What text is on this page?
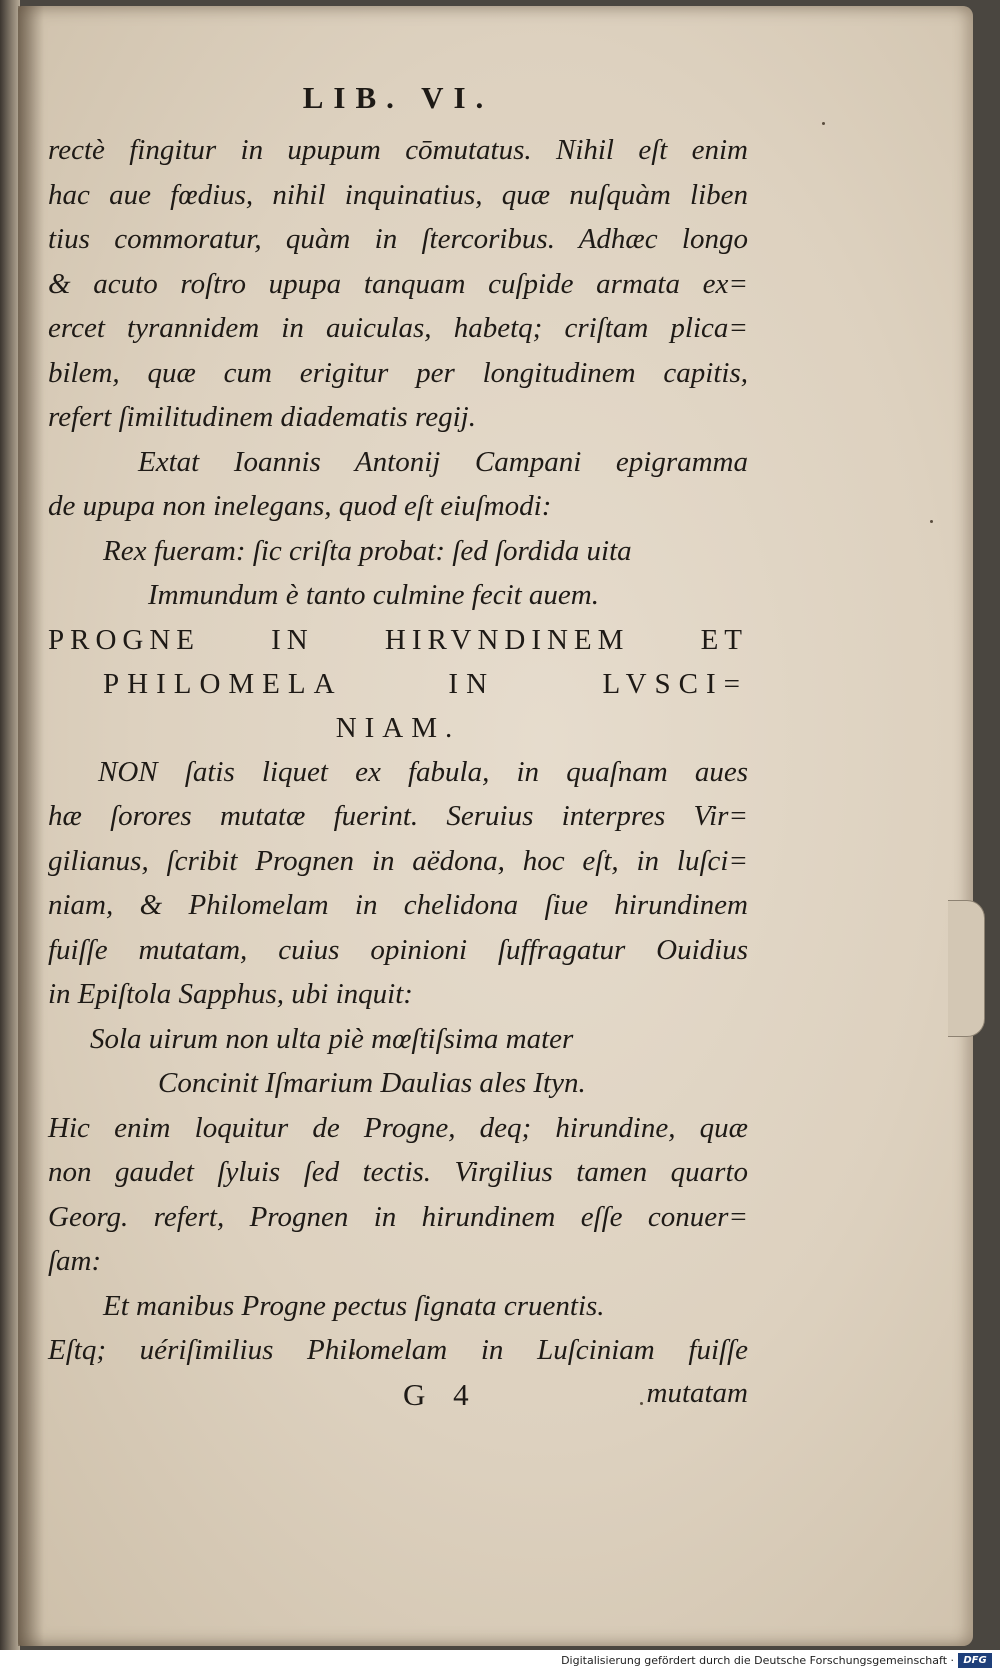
LIB. VI.
rectè fingitur in upupum cōmutatus. Nihil eſt enim
hac aue fœdius, nihil inquinatius, quæ nuſquàm liben
tius commoratur, quàm in ſtercoribus. Adhæc longo
& acuto roſtro upupa tanquam cuſpide armata ex=
ercet tyrannidem in auiculas, habetq; criſtam plica=
bilem, quæ cum erigitur per longitudinem capitis,
refert ſimilitudinem diadematis regij.
Extat Ioannis Antonij Campani epigramma
de upupa non inelegans, quod eſt eiuſmodi:
Rex fueram: ſic criſta probat: ſed ſordida uita
Immundum è tanto culmine fecit auem.
PROGNE IN HIRVNDINEM ET
PHILOMELA IN LVSCI=
NIAM.
NON ſatis liquet ex fabula, in quaſnam aues
hæ ſorores mutatæ fuerint. Seruius interpres Vir=
gilianus, ſcribit Prognen in aëdona, hoc eſt, in luſci=
niam, & Philomelam in chelidona ſiue hirundinem
fuiſſe mutatam, cuius opinioni ſuffragatur Ouidius
in Epiſtola Sapphus, ubi inquit:
Sola uirum non ulta piè mœſtiſsima mater
Concinit Iſmarium Daulias ales Ityn.
Hic enim loquitur de Progne, deq; hirundine, quæ
non gaudet ſyluis ſed tectis. Virgilius tamen quarto
Georg. refert, Prognen in hirundinem eſſe conuer=
ſam:
Et manibus Progne pectus ſignata cruentis.
Eſtq; uériſimilius Philomelam in Luſciniam fuiſſe
G 4	mutatam
Digitalisierung gefördert durch die Deutsche Forschungsgemeinschaft · DFG
